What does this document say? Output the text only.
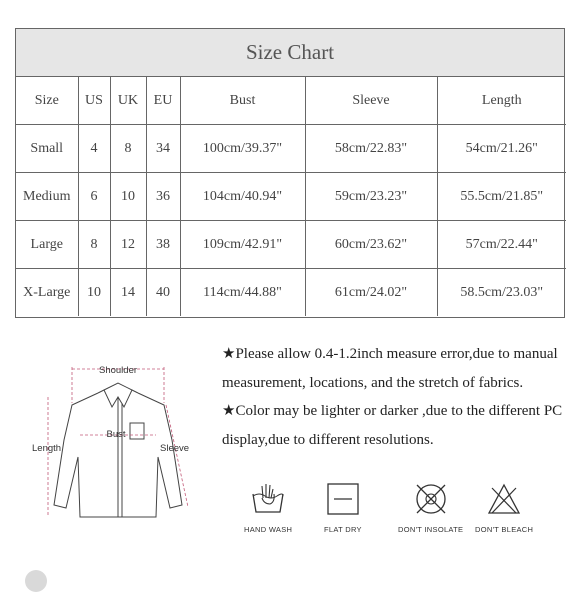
Size Chart
Size	US	UK	EU	Bust	Sleeve	Length
Small	4	8	34	100cm/39.37"	58cm/22.83"	54cm/21.26"
Medium	6	10	36	104cm/40.94"	59cm/23.23"	55.5cm/21.85"
Large	8	12	38	109cm/42.91"	60cm/23.62"	57cm/22.44"
X-Large	10	14	40	114cm/44.88"	61cm/24.02"	58.5cm/23.03"
Shoulder
Bust
Length	Sleeve
★Please allow 0.4-1.2inch measure error,due to manual measurement, locations, and the stretch of fabrics.
★Color may be lighter or darker ,due to the different PC display,due to different resolutions.
HAND WASH	FLAT DRY	DON'T INSOLATE DON'T BLEACH
